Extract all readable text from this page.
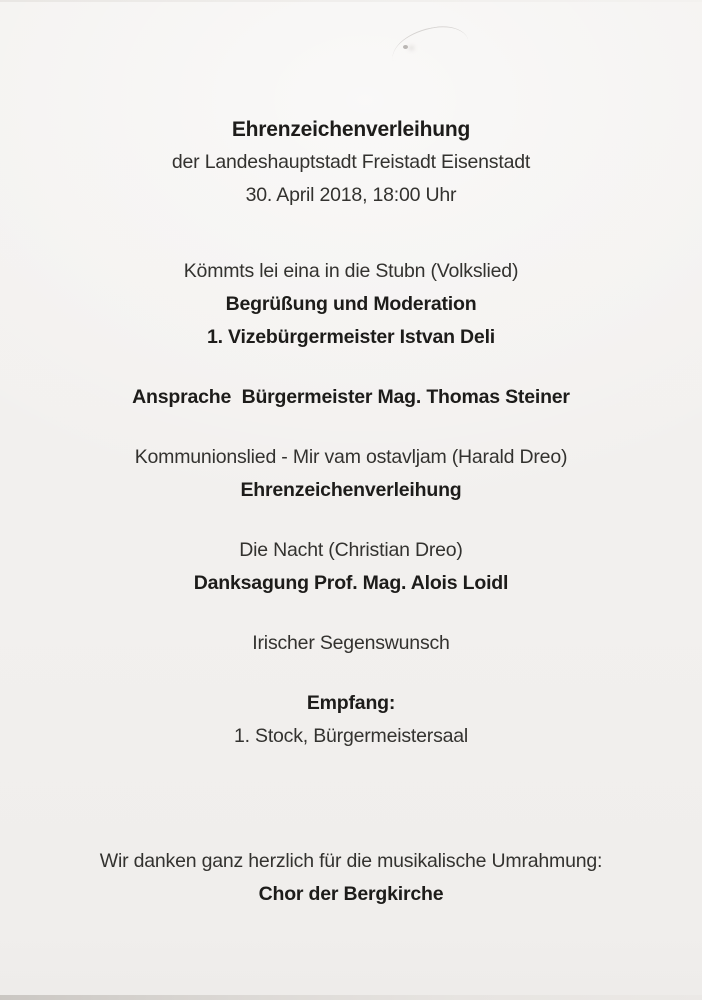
Ehrenzeichenverleihung
der Landeshauptstadt Freistadt Eisenstadt
30. April 2018, 18:00 Uhr
Kömmts lei eina in die Stubn (Volkslied)
Begrüßung und Moderation
1. Vizebürgermeister Istvan Deli
Ansprache  Bürgermeister Mag. Thomas Steiner
Kommunionslied - Mir vam ostavljam (Harald Dreo)
Ehrenzeichenverleihung
Die Nacht (Christian Dreo)
Danksagung Prof. Mag. Alois Loidl
Irischer Segenswunsch
Empfang:
1. Stock, Bürgermeistersaal
Wir danken ganz herzlich für die musikalische Umrahmung:
Chor der Bergkirche
